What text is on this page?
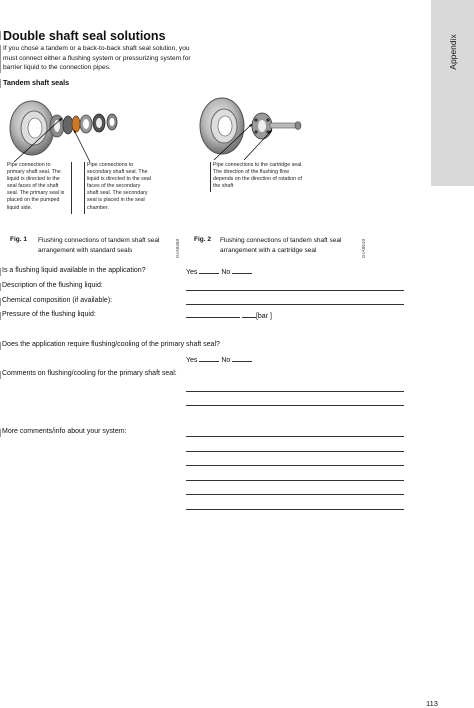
Appendix
Double shaft seal solutions
If you chose a tandem or a back-to-back shaft seal solution, you
must connect either a flushing system or pressurizing system for
barrier liquid to the connection pipes.
Tandem shaft seals
Pipe connection to
primary shaft seal. The
liquid is directed to the
seal faces of the shaft
seal. The primary seal is
placed on the pumped
liquid side.
Pipe connections to
secondary shaft seal. The
liquid is directed to the seal
faces of the secondary
shaft seal. The secondary
seal is placed in the seal
chamber.
Pipe connections to the cartridge seal.
The direction of the flushing flow
depends on the direction of rotation of
the shaft
GrA8460	GrA8610
Fig. 1 Flushing connections of tandem shaft seal
arrangement with standard seals
Fig. 2 Flushing connections of tandem shaft seal
arrangement with a cartridge seal
Is a flushing liquid available in the application?	Yes	No
Description of the flushing liquid:
Chemical composition (if available):
Pressure of the flushing liquid:	[bar ]
Does the application require flushing/cooling of the primary shaft seal?
Yes	No
Comments on flushing/cooling for the primary shaft seal:
More comments/info about your system:
113
